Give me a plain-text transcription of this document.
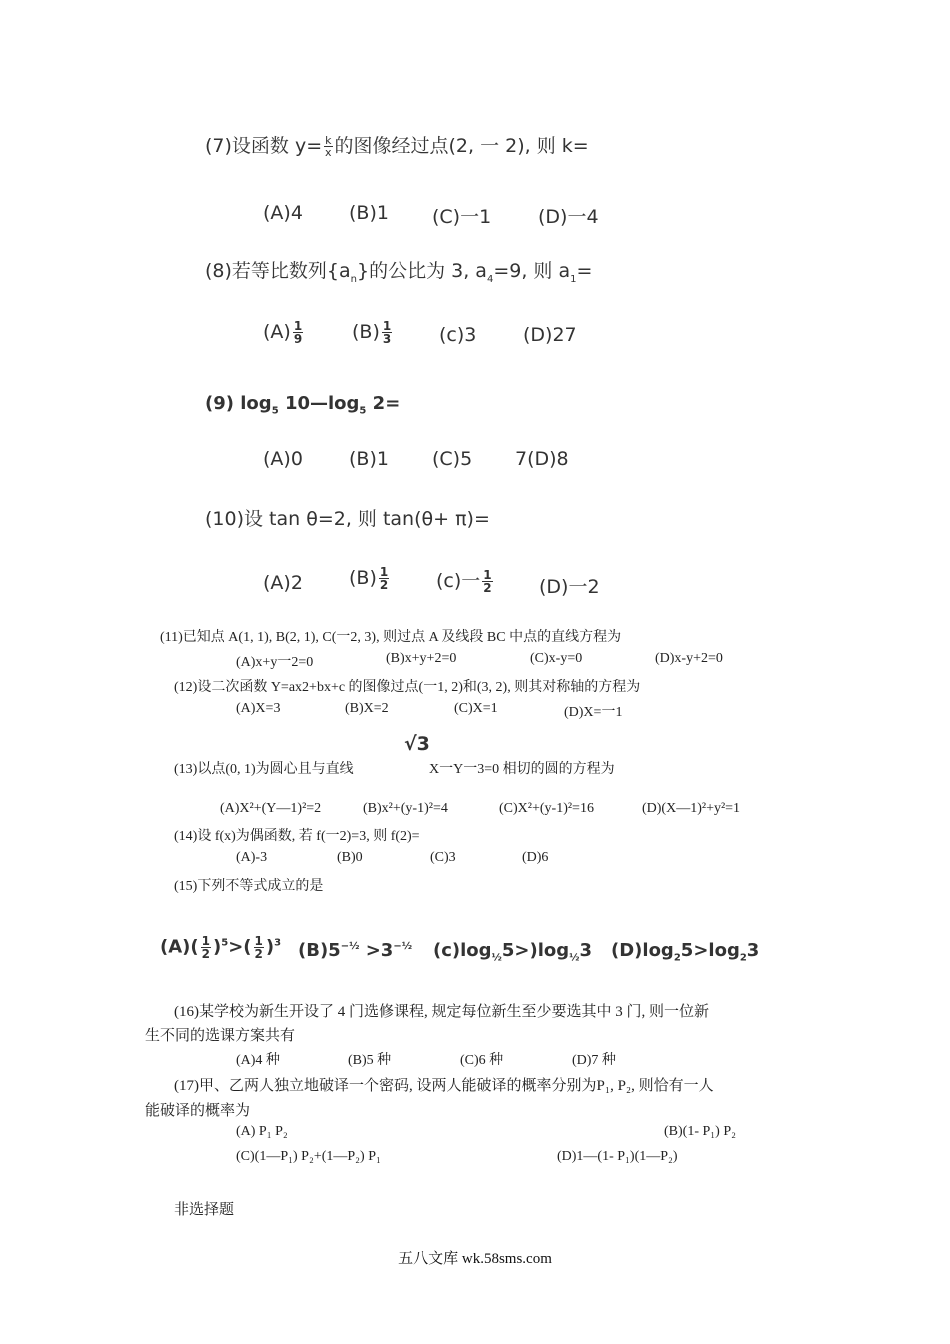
(7)设函数 $y= \frac{k}{x}$ 的图像经过点(2, 一 2), 则 k=
(A)4 (B)1 (C)一1 (D)一4
(8)若等比数列$\{a_n\}$的公比为 3, $a_4=9$, 则 $a_1=$
$(A) \frac{1}{9}$	$(B) \frac{1}{3} (c)3$ (D)27
(9) $\log_5$ $10—\log_5$ 2=
(A)0 (B)1 (C)5 7(D)8
(10)设 tan θ=2, 则 tan(θ+ π)=
(A)2 $(B) \frac{1}{2} (c)$一 $\frac{1}{2} (D)$一2
(11)已知点 A(1, 1), B(2, 1), C(一2, 3), 则过点 A 及线段 BC 中点的直线方程为
(A)x+y一2=0	(B)x+y+2=0	(C)x-y=0	(D)x-y+2=0
(12)设二次函数 Y=ax2+bx+c 的图像过点(一1, 2)和(3, 2), 则其对称轴的方程为
(A)X=3	(B)X=2	(C)X=1	(D)X=一1
√3
(13)以点(0, 1)为圆心且与直线	X一Y一3=0 相切的圆的方程为
(A)X²+(Y—1)²=2	(B)x²+(y-1)²=4	(C)X²+(y-1)²=16	(D)(X—1)²+y²=1
(14)设 f(x)为偶函数, 若 f(一2)=3, 则 f(2)=
(A)-3	(B)0	(C)3	(D)6
(15)下列不等式成立的是
$(A)( \frac{1}{2} )^5>( \frac{1}{2} )^3$ $(B)5^{-\frac{1}{2}} >3^{-\frac{1}{2}}$ $(c)\log_{\frac{1}{2}}5>)\log_{\frac{1}{2}}3$ $(D)\log_25>\log_23$
(16)某学校为新生开设了 4 门选修课程, 规定每位新生至少要选其中 3 门, 则一位新
生不同的选课方案共有
(A)4 种	(B)5 种	(C)6 种	(D)7 种
(17)甲、乙两人独立地破译一个密码, 设两人能破译的概率分别为P₁, P₂, 则恰有一人
能破译的概率为
(A) P₁ P₂	(B)(1- P₁) P₂
(C)(1—P₁) P₂+(1—P₂) P₁	(D)1—(1- P₁)(1—P₂)
非选择题
五八文库 wk.58sms.com
